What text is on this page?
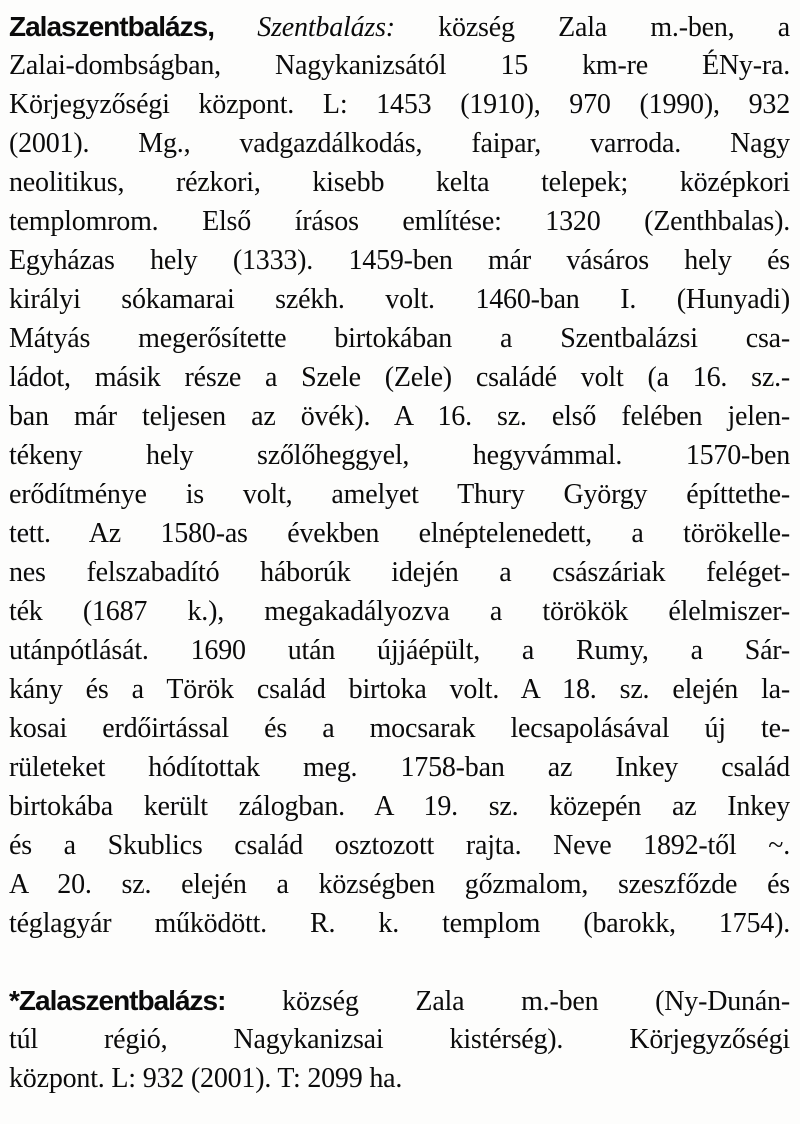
Zalaszentbalázs, Szentbalázs: község Zala m.-ben, a
Zalai-dombságban, Nagykanizsától 15 km-re ÉNy-ra.
Körjegyzőségi központ. L: 1453 (1910), 970 (1990), 932
(2001). Mg., vadgazdálkodás, faipar, varroda. Nagy
neolitikus, rézkori, kisebb kelta telepek; középkori
templomrom. Első írásos említése: 1320 (Zenthbalas).
Egyházas hely (1333). 1459-ben már vásáros hely és
királyi sókamarai székh. volt. 1460-ban I. (Hunyadi)
Mátyás megerősítette birtokában a Szentbalázsi csa-
ládot, másik része a Szele (Zele) családé volt (a 16. sz.-
ban már teljesen az övék). A 16. sz. első felében jelen-
tékeny hely szőlőheggyel, hegyvámmal. 1570-ben
erődítménye is volt, amelyet Thury György építtethe-
tett. Az 1580-as években elnéptelenedett, a törökelle-
nes felszabadító háborúk idején a császáriak feléget-
ték (1687 k.), megakadályozva a törökök élelmiszer-
utánpótlását. 1690 után újjáépült, a Rumy, a Sár-
kány és a Török család birtoka volt. A 18. sz. elején la-
kosai erdőirtással és a mocsarak lecsapolásával új te-
rületeket hódítottak meg. 1758-ban az Inkey család
birtokába került zálogban. A 19. sz. közepén az Inkey
és a Skublics család osztozott rajta. Neve 1892-től ~.
A 20. sz. elején a községben gőzmalom, szeszfőzde és
téglagyár működött. R. k. templom (barokk, 1754).
*Zalaszentbalázs: község Zala m.-ben (Ny-Dunán-
túl régió, Nagykanizsai kistérség). Körjegyzőségi
központ. L: 932 (2001). T: 2099 ha.
